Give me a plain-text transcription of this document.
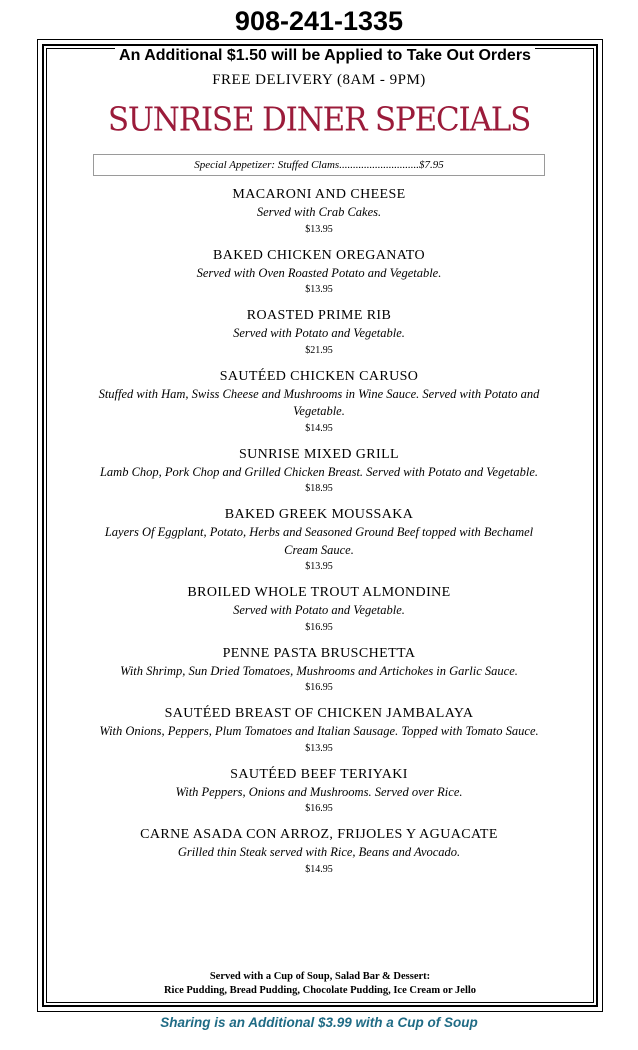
908-241-1335
An Additional $1.50 will be Applied to Take Out Orders
FREE DELIVERY (8AM - 9PM)
SUNRISE DINER SPECIALS
Special Appetizer: Stuffed Clams.............................$7.95
MACARONI AND CHEESE
Served with Crab Cakes.
$13.95
BAKED CHICKEN OREGANATO
Served with Oven Roasted Potato and Vegetable.
$13.95
ROASTED PRIME RIB
Served with Potato and Vegetable.
$21.95
SAUTÉED CHICKEN CARUSO
Stuffed with Ham, Swiss Cheese and Mushrooms in Wine Sauce. Served with Potato and Vegetable.
$14.95
SUNRISE MIXED GRILL
Lamb Chop, Pork Chop and Grilled Chicken Breast. Served with Potato and Vegetable.
$18.95
BAKED GREEK MOUSSAKA
Layers Of Eggplant, Potato, Herbs and Seasoned Ground Beef topped with Bechamel Cream Sauce.
$13.95
BROILED WHOLE TROUT ALMONDINE
Served with Potato and Vegetable.
$16.95
PENNE PASTA BRUSCHETTA
With Shrimp, Sun Dried Tomatoes, Mushrooms and Artichokes in Garlic Sauce.
$16.95
SAUTÉED BREAST OF CHICKEN JAMBALAYA
With Onions, Peppers, Plum Tomatoes and Italian Sausage. Topped with Tomato Sauce.
$13.95
SAUTÉED BEEF TERIYAKI
With Peppers, Onions and Mushrooms. Served over Rice.
$16.95
CARNE ASADA CON ARROZ, FRIJOLES Y AGUACATE
Grilled thin Steak served with Rice, Beans and Avocado.
$14.95
Served with a Cup of Soup, Salad Bar & Dessert:
Rice Pudding, Bread Pudding, Chocolate Pudding, Ice Cream or Jello
Sharing is an Additional $3.99 with a Cup of Soup
